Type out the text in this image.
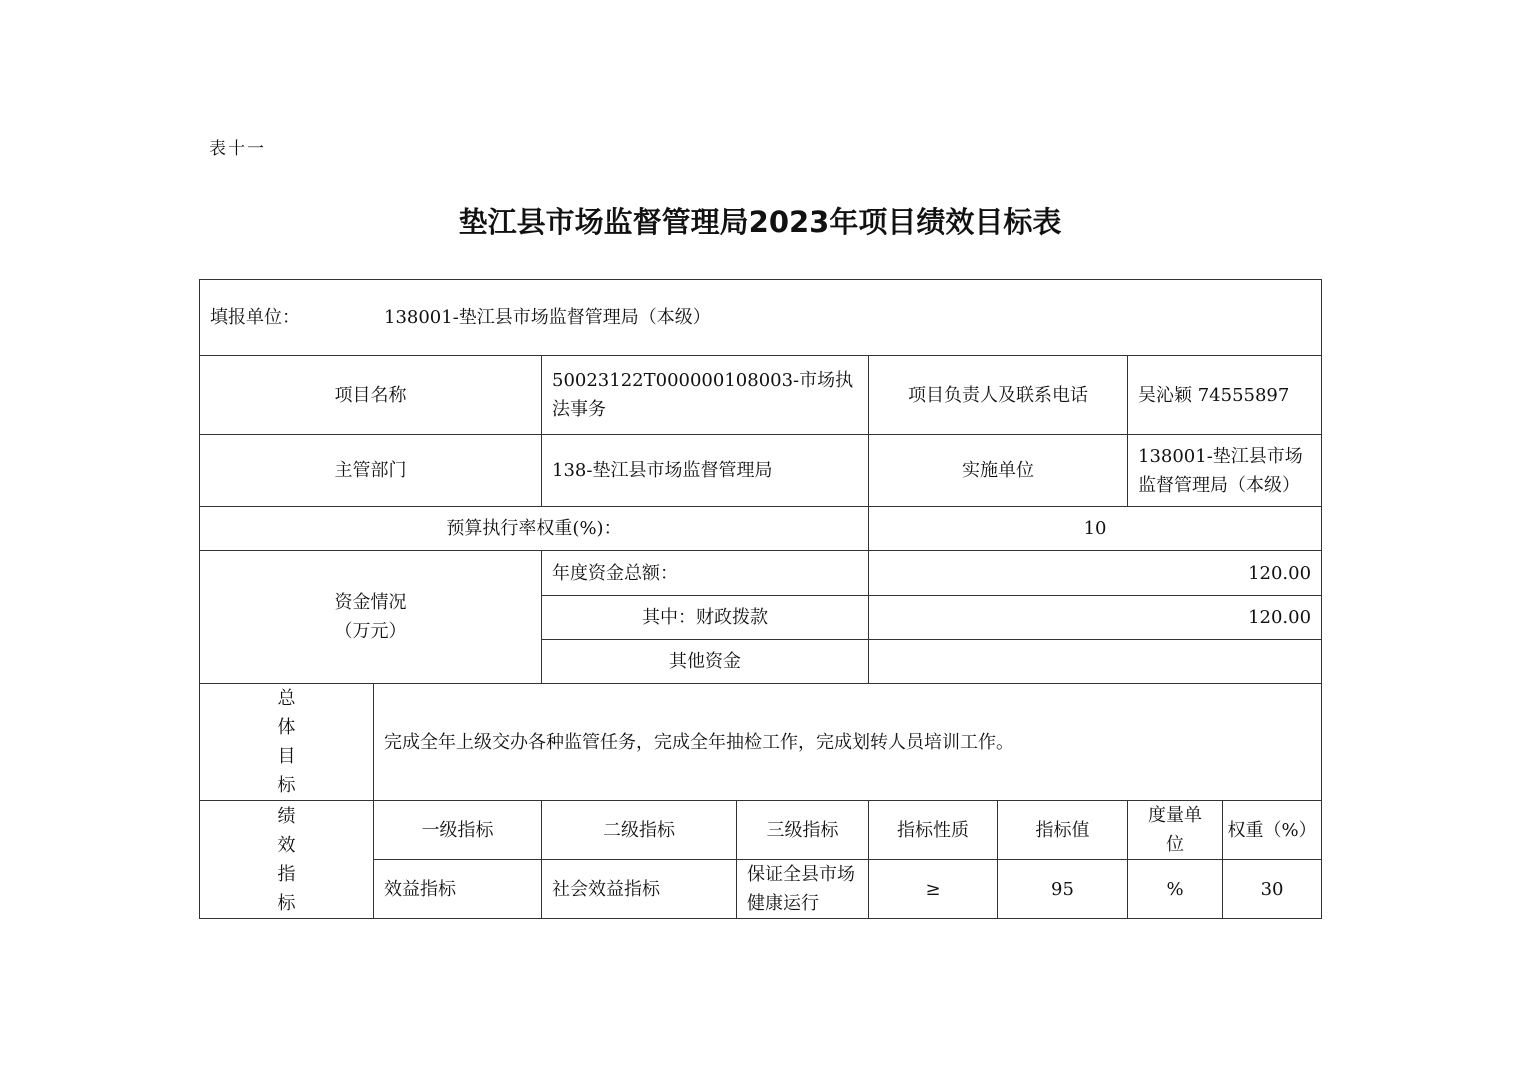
表十一
垫江县市场监督管理局2023年项目绩效目标表
填报单位： 138001-垫江县市场监督管理局（本级）							
项目名称		50023122T000000108003-市场执法事务		项目负责人及联系电话		吴沁颖 74555897	
主管部门		138-垫江县市场监督管理局		实施单位		138001-垫江县市场监督管理局（本级）	
预算执行率权重(%)：				10			

资金情况
（万元）		年度资金总额：		120.00			
		其中：财政拨款		120.00			
		其他资金					

总
体
目
标	完成全年上级交办各种监管任务，完成全年抽检工作，完成划转人员培训工作。						

绩
效
指
标	一级指标	二级指标	三级指标	指标性质	指标值	度量单位	权重（%）
	效益指标	社会效益指标	保证全县市场健康运行	≥	95	%	30
